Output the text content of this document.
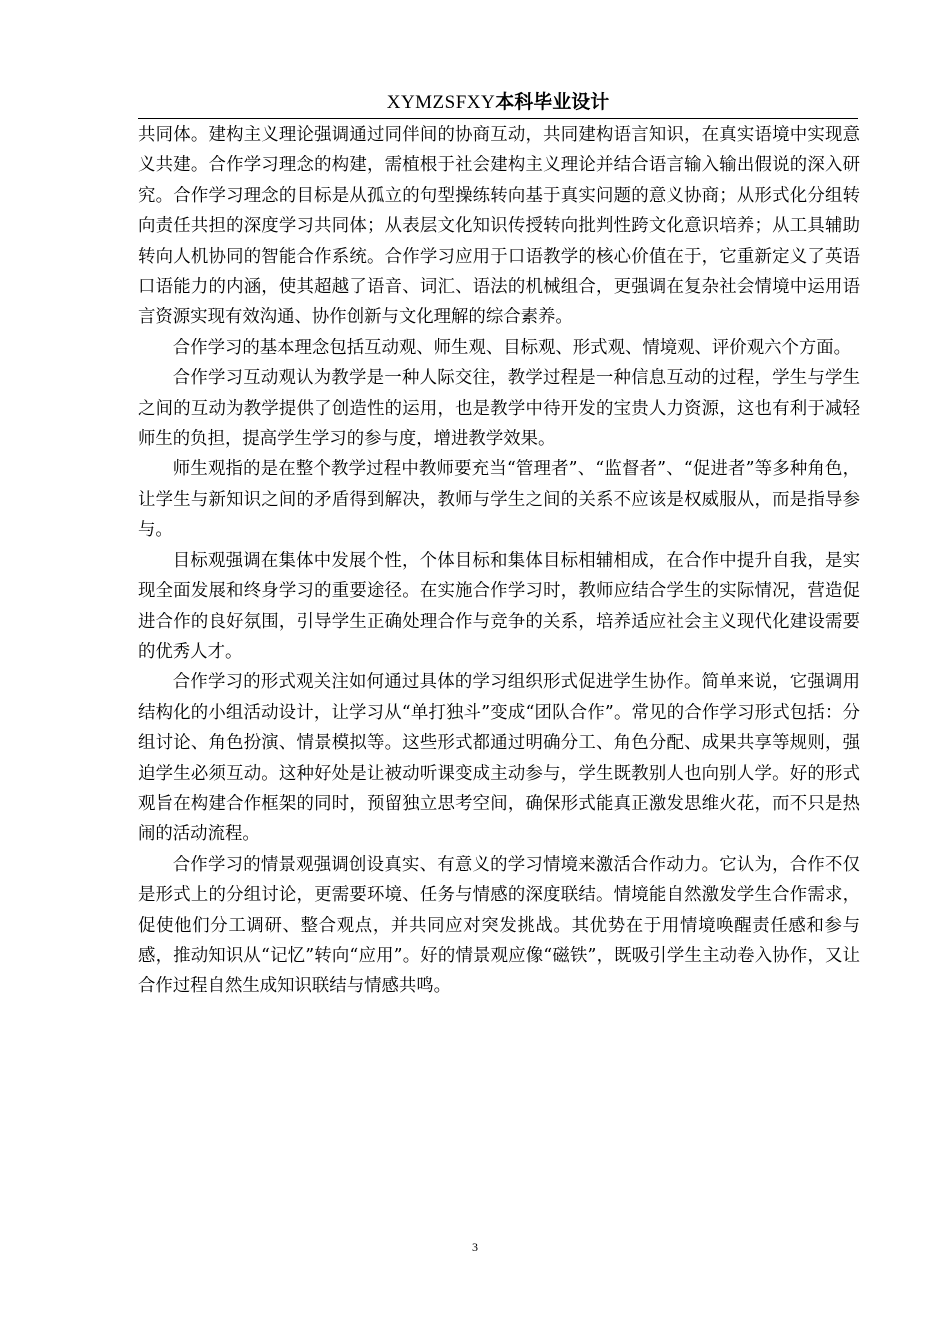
XYMZSFXY本科毕业设计

共同体。建构主义理论强调通过同伴间的协商互动，共同建构语言知识，在真实语境中实现意义共建。合作学习理念的构建，需植根于社会建构主义理论并结合语言输入输出假说的深入研究。合作学习理念的目标是从孤立的句型操练转向基于真实问题的意义协商；从形式化分组转向责任共担的深度学习共同体；从表层文化知识传授转向批判性跨文化意识培养；从工具辅助转向人机协同的智能合作系统。合作学习应用于口语教学的核心价值在于，它重新定义了英语口语能力的内涵，使其超越了语音、词汇、语法的机械组合，更强调在复杂社会情境中运用语言资源实现有效沟通、协作创新与文化理解的综合素养。

合作学习的基本理念包括互动观、师生观、目标观、形式观、情境观、评价观六个方面。

合作学习互动观认为教学是一种人际交往，教学过程是一种信息互动的过程，学生与学生之间的互动为教学提供了创造性的运用，也是教学中待开发的宝贵人力资源，这也有利于减轻师生的负担，提高学生学习的参与度，增进教学效果。

师生观指的是在整个教学过程中教师要充当“管理者”、“监督者”、“促进者”等多种角色，让学生与新知识之间的矛盾得到解决，教师与学生之间的关系不应该是权威服从，而是指导参与。

目标观强调在集体中发展个性，个体目标和集体目标相辅相成，在合作中提升自我，是实现全面发展和终身学习的重要途径。在实施合作学习时，教师应结合学生的实际情况，营造促进合作的良好氛围，引导学生正确处理合作与竞争的关系，培养适应社会主义现代化建设需要的优秀人才。

合作学习的形式观关注如何通过具体的学习组织形式促进学生协作。简单来说，它强调用结构化的小组活动设计，让学习从“单打独斗”变成“团队合作”。常见的合作学习形式包括：分组讨论、角色扮演、情景模拟等。这些形式都通过明确分工、角色分配、成果共享等规则，强迫学生必须互动。这种好处是让被动听课变成主动参与，学生既教别人也向别人学。好的形式观旨在构建合作框架的同时，预留独立思考空间，确保形式能真正激发思维火花，而不只是热闹的活动流程。

合作学习的情景观强调创设真实、有意义的学习情境来激活合作动力。它认为，合作不仅是形式上的分组讨论，更需要环境、任务与情感的深度联结。情境能自然激发学生合作需求，促使他们分工调研、整合观点，并共同应对突发挑战。其优势在于用情境唤醒责任感和参与感，推动知识从“记忆”转向“应用”。好的情景观应像“磁铁”，既吸引学生主动卷入协作，又让合作过程自然生成知识联结与情感共鸣。

3
